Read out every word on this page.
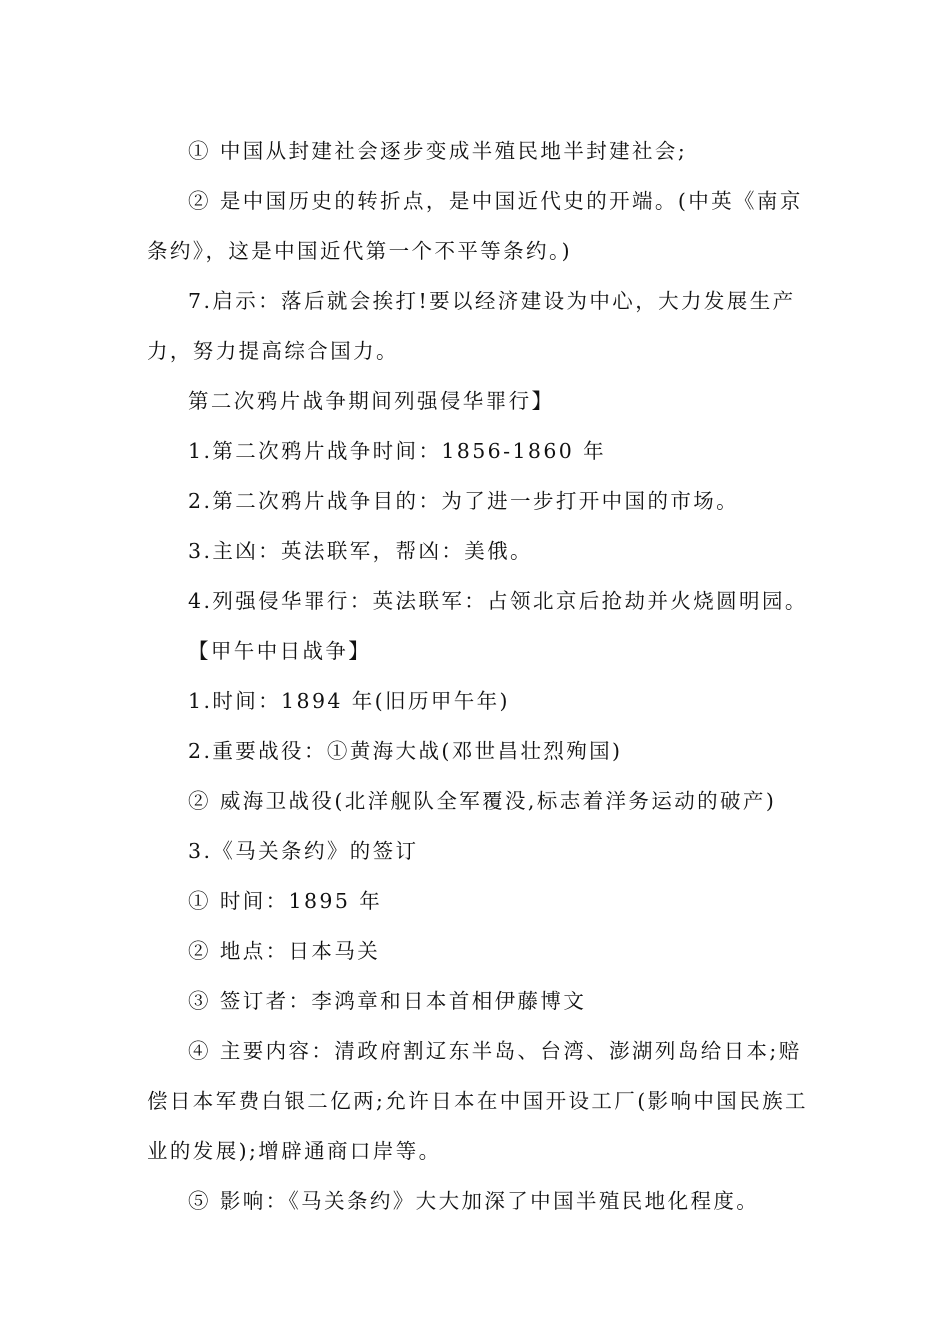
① 中国从封建社会逐步变成半殖民地半封建社会;
② 是中国历史的转折点，是中国近代史的开端。(中英《南京
条约》，这是中国近代第一个不平等条约。)
7.启示：落后就会挨打!要以经济建设为中心，大力发展生产
力，努力提高综合国力。
第二次鸦片战争期间列强侵华罪行】
1.第二次鸦片战争时间：1856-1860 年
2.第二次鸦片战争目的：为了进一步打开中国的市场。
3.主凶：英法联军，帮凶：美俄。
4.列强侵华罪行：英法联军：占领北京后抢劫并火烧圆明园。
【甲午中日战争】
1.时间：1894 年(旧历甲午年)
2.重要战役：①黄海大战(邓世昌壮烈殉国)
② 威海卫战役(北洋舰队全军覆没,标志着洋务运动的破产)
3.《马关条约》的签订
① 时间：1895 年
② 地点：日本马关
③ 签订者：李鸿章和日本首相伊藤博文
④ 主要内容：清政府割辽东半岛、台湾、澎湖列岛给日本;赔
偿日本军费白银二亿两;允许日本在中国开设工厂(影响中国民族工
业的发展);增辟通商口岸等。
⑤ 影响：《马关条约》大大加深了中国半殖民地化程度。
